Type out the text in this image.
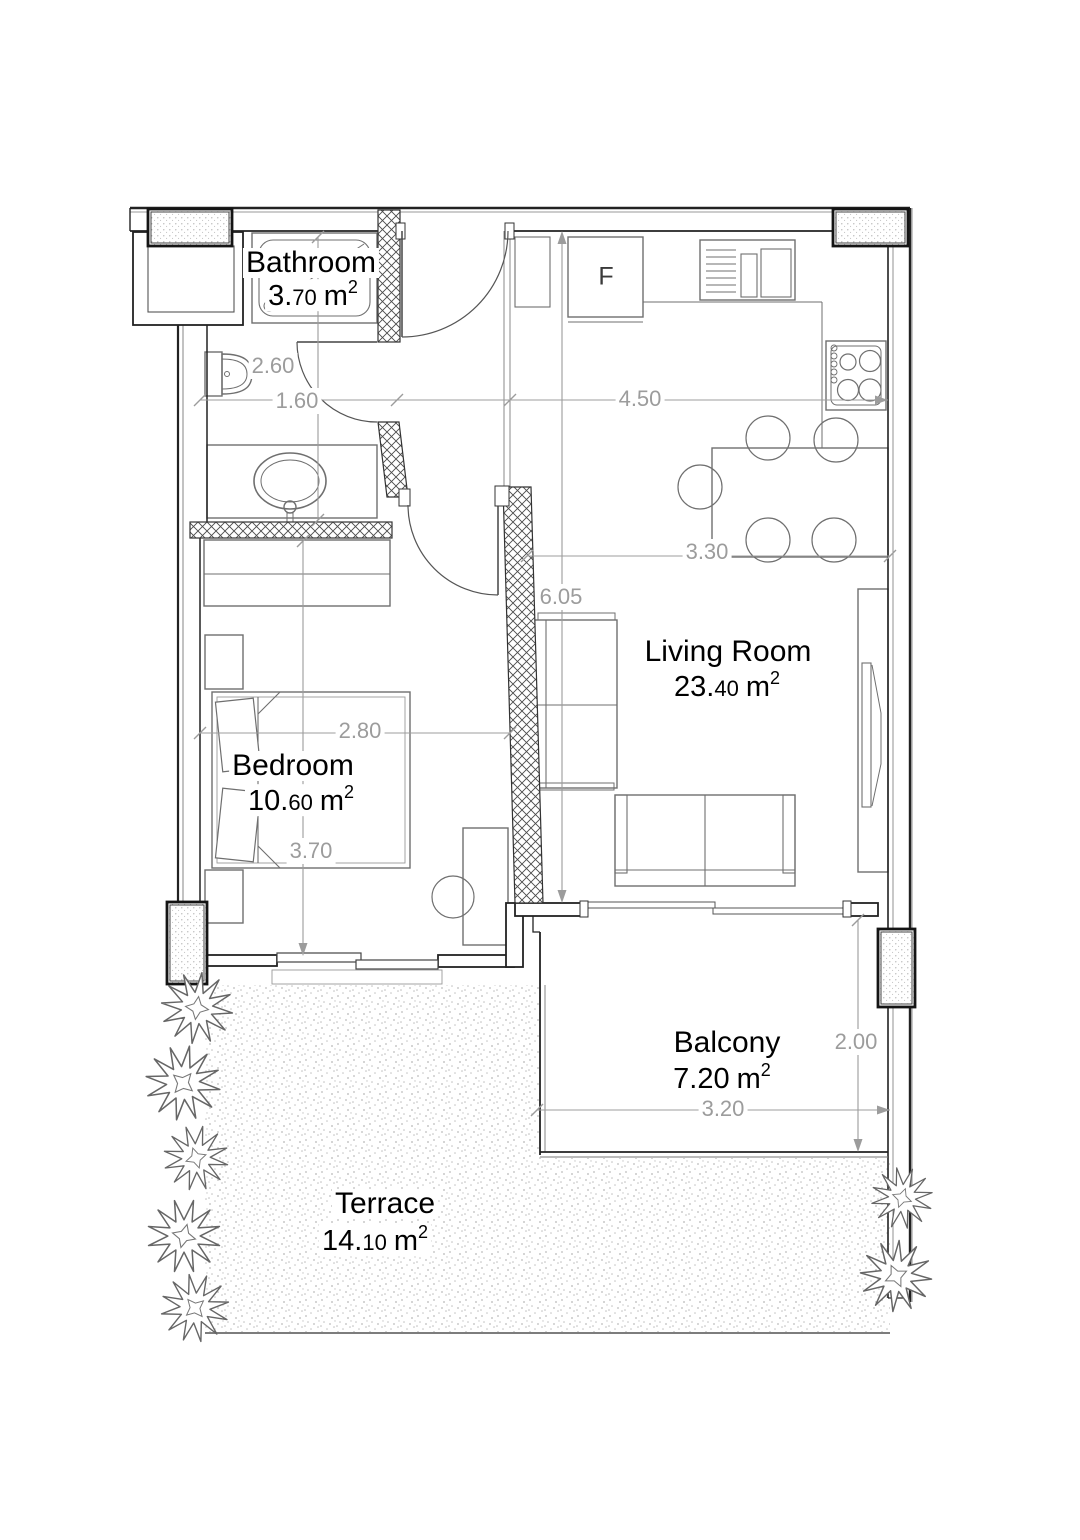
Bathroom
3.70 $m^2$
Bedroom
10.60 $m^2$
Living Room
23.40 $m^2$
Balcony
7.20 $m^2$
Terrace
14.10 $m^2$
F
2.60
1.60	4.50
3.30
6.05
2.80
3.70
2.00
3.20
